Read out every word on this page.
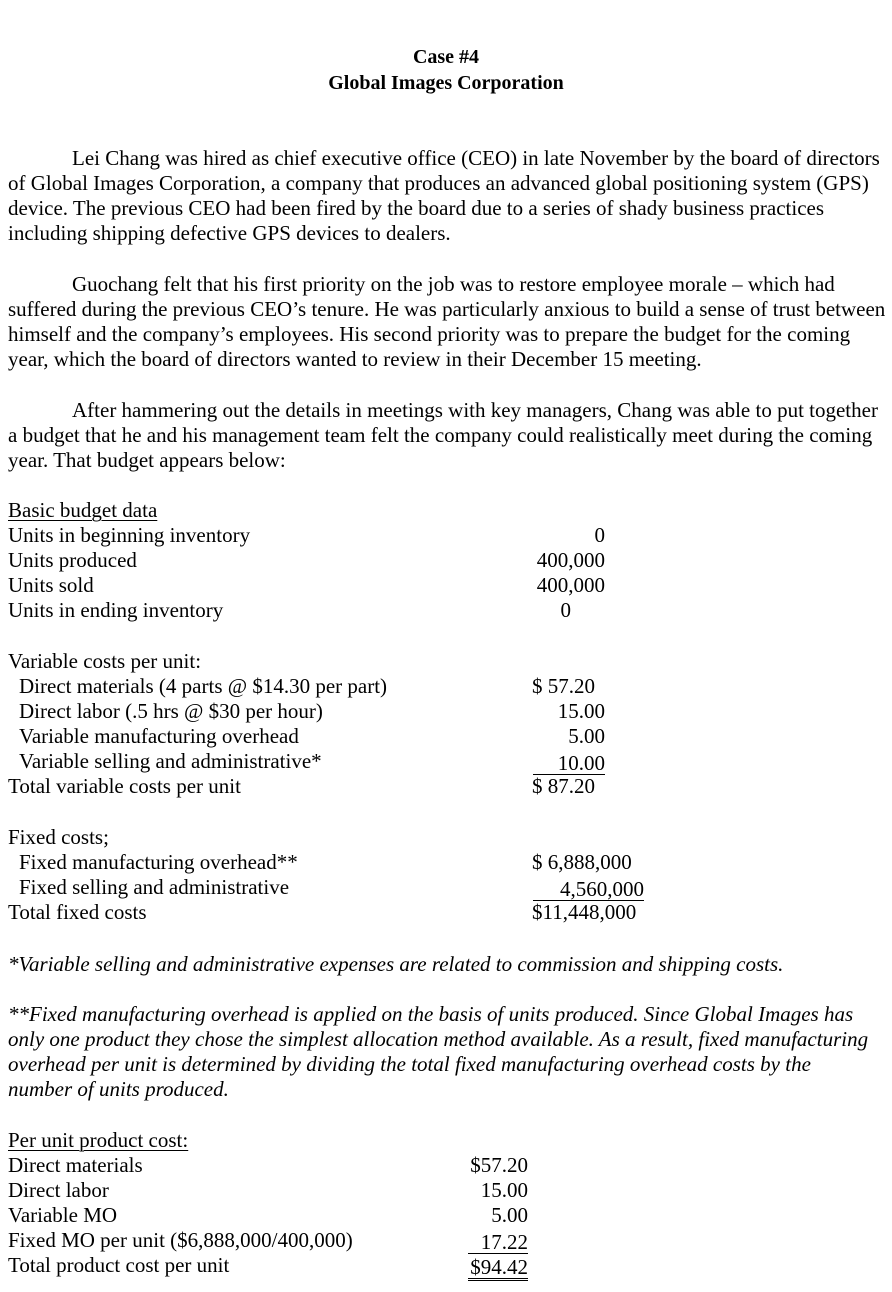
Case #4
Global Images Corporation
Lei Chang was hired as chief executive office (CEO) in late November by the board of directors of Global Images Corporation, a company that produces an advanced global positioning system (GPS) device. The previous CEO had been fired by the board due to a series of shady business practices including shipping defective GPS devices to dealers.
Guochang felt that his first priority on the job was to restore employee morale – which had suffered during the previous CEO’s tenure. He was particularly anxious to build a sense of trust between himself and the company’s employees. His second priority was to prepare the budget for the coming year, which the board of directors wanted to review in their December 15 meeting.
After hammering out the details in meetings with key managers, Chang was able to put together a budget that he and his management team felt the company could realistically meet during the coming year. That budget appears below:
Basic budget data
Units in beginning inventory	0
Units produced	400,000
Units sold	400,000
Units in ending inventory	0
Variable costs per unit:
Direct materials (4 parts @ $14.30 per part)	$ 57.20
Direct labor (.5 hrs @ $30 per hour)	15.00
Variable manufacturing overhead	5.00
Variable selling and administrative*	10.00
Total variable costs per unit	$ 87.20
Fixed costs;
Fixed manufacturing overhead**	$ 6,888,000
Fixed selling and administrative	4,560,000
Total fixed costs	$11,448,000
*Variable selling and administrative expenses are related to commission and shipping costs.
**Fixed manufacturing overhead is applied on the basis of units produced. Since Global Images has only one product they chose the simplest allocation method available. As a result, fixed manufacturing overhead per unit is determined by dividing the total fixed manufacturing overhead costs by the number of units produced.
Per unit product cost:
Direct materials	$57.20
Direct labor	15.00
Variable MO	5.00
Fixed MO per unit ($6,888,000/400,000)	17.22
Total product cost per unit	$94.42
